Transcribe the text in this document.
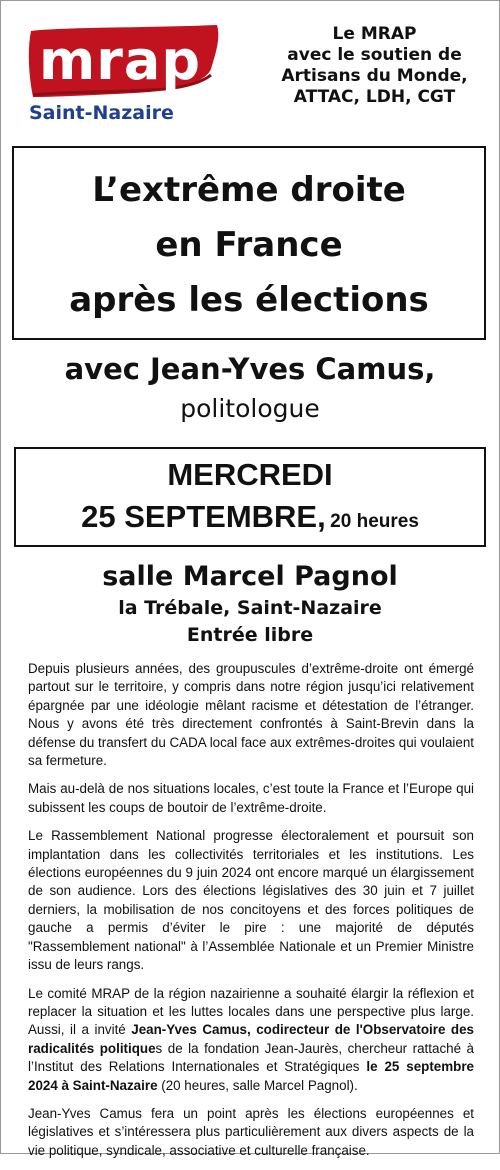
mrap
Saint-Nazaire
Le MRAP
avec le soutien de
Artisans du Monde,
ATTAC, LDH, CGT
L’extrême droite
en France
après les élections
avec Jean-Yves Camus,
politologue
MERCREDI
25 SEPTEMBRE, 20 heures
salle Marcel Pagnol
la Trébale, Saint-Nazaire
Entrée libre

Depuis plusieurs années, des groupuscules d’extrême-droite ont émergé partout sur le territoire, y compris dans notre région jusqu’ici relativement épargnée par une idéologie mêlant racisme et détestation de l’étranger. Nous y avons été très directement confrontés à Saint-Brevin dans la défense du transfert du CADA local face aux extrêmes-droites qui voulaient sa fermeture.

Mais au-delà de nos situations locales, c’est toute la France et l’Europe qui subissent les coups de boutoir de l’extrême-droite.

Le Rassemblement National progresse électoralement et poursuit son implantation dans les collectivités territoriales et les institutions. Les élections européennes du 9 juin 2024 ont encore marqué un élargissement de son audience. Lors des élections législatives des 30 juin et 7 juillet derniers, la mobilisation de nos concitoyens et des forces politiques de gauche a permis d’éviter le pire : une majorité de députés "Rassemblement national" à l’Assemblée Nationale et un Premier Ministre issu de leurs rangs.

Le comité MRAP de la région nazairienne a souhaité élargir la réflexion et replacer la situation et les luttes locales dans une perspective plus large. Aussi, il a invité Jean-Yves Camus, codirecteur de l'Observatoire des radicalités politiques de la fondation Jean-Jaurès, chercheur rattaché à l’Institut des Relations Internationales et Stratégiques le 25 septembre 2024 à Saint-Nazaire (20 heures, salle Marcel Pagnol).

Jean-Yves Camus fera un point après les élections européennes et législatives et s’intéressera plus particulièrement aux divers aspects de la vie politique, syndicale, associative et culturelle française.
